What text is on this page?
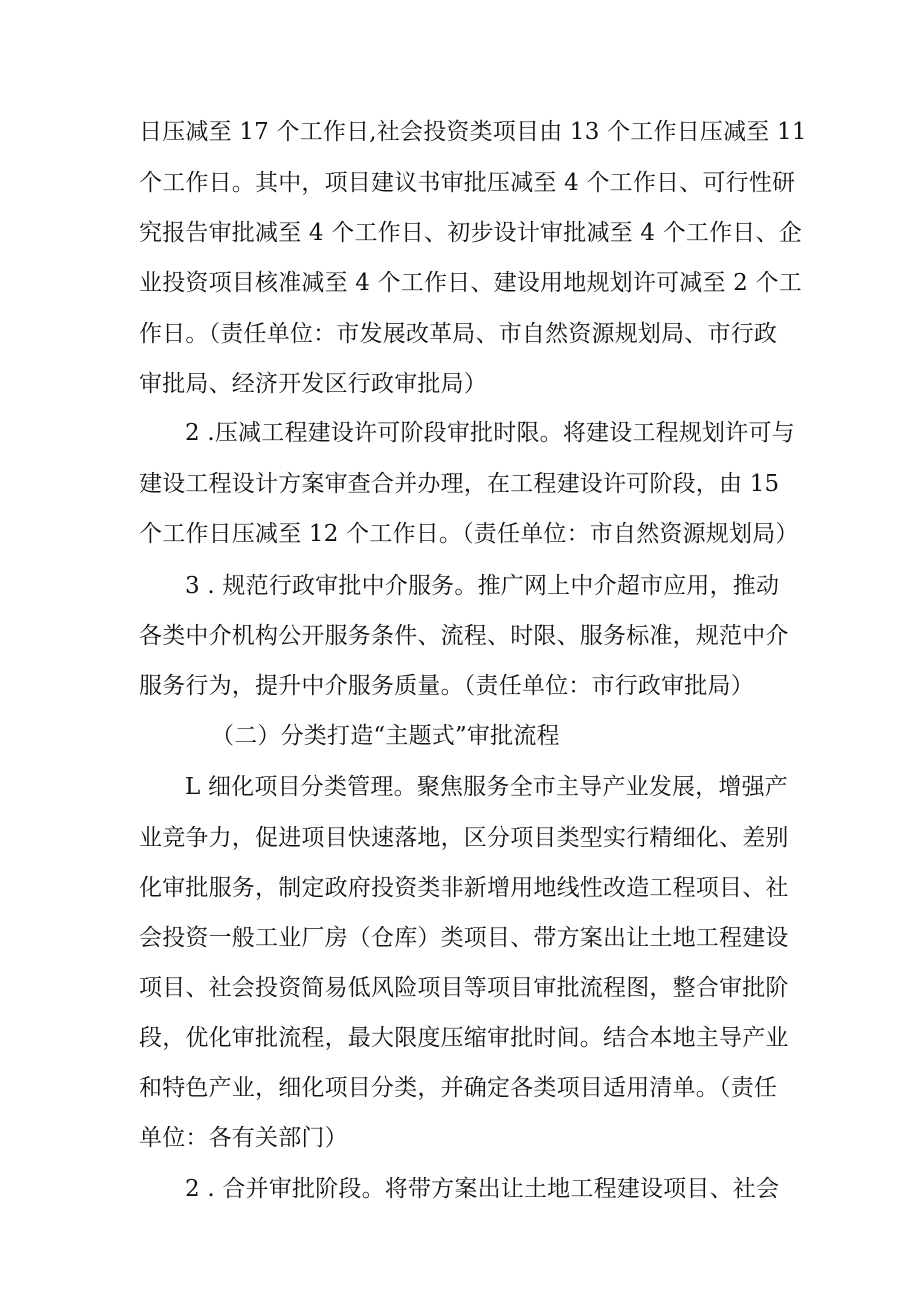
日压减至 17 个工作日,社会投资类项目由 13 个工作日压减至 11
个工作日。其中，项目建议书审批压减至 4 个工作日、可行性研
究报告审批减至 4 个工作日、初步设计审批减至 4 个工作日、企
业投资项目核准减至 4 个工作日、建设用地规划许可减至 2 个工
作日。（责任单位：市发展改革局、市自然资源规划局、市行政
审批局、经济开发区行政审批局）
2 .压减工程建设许可阶段审批时限。将建设工程规划许可与
建设工程设计方案审查合并办理，在工程建设许可阶段，由 15
个工作日压减至 12 个工作日。（责任单位：市自然资源规划局）
3 . 规范行政审批中介服务。推广网上中介超市应用，推动
各类中介机构公开服务条件、流程、时限、服务标准，规范中介
服务行为，提升中介服务质量。（责任单位：市行政审批局）
（二）分类打造“主题式”审批流程
L 细化项目分类管理。聚焦服务全市主导产业发展，增强产
业竞争力，促进项目快速落地，区分项目类型实行精细化、差别
化审批服务，制定政府投资类非新增用地线性改造工程项目、社
会投资一般工业厂房（仓库）类项目、带方案出让土地工程建设
项目、社会投资简易低风险项目等项目审批流程图，整合审批阶
段，优化审批流程，最大限度压缩审批时间。结合本地主导产业
和特色产业，细化项目分类，并确定各类项目适用清单。（责任
单位：各有关部门）
2 . 合并审批阶段。将带方案出让土地工程建设项目、社会
